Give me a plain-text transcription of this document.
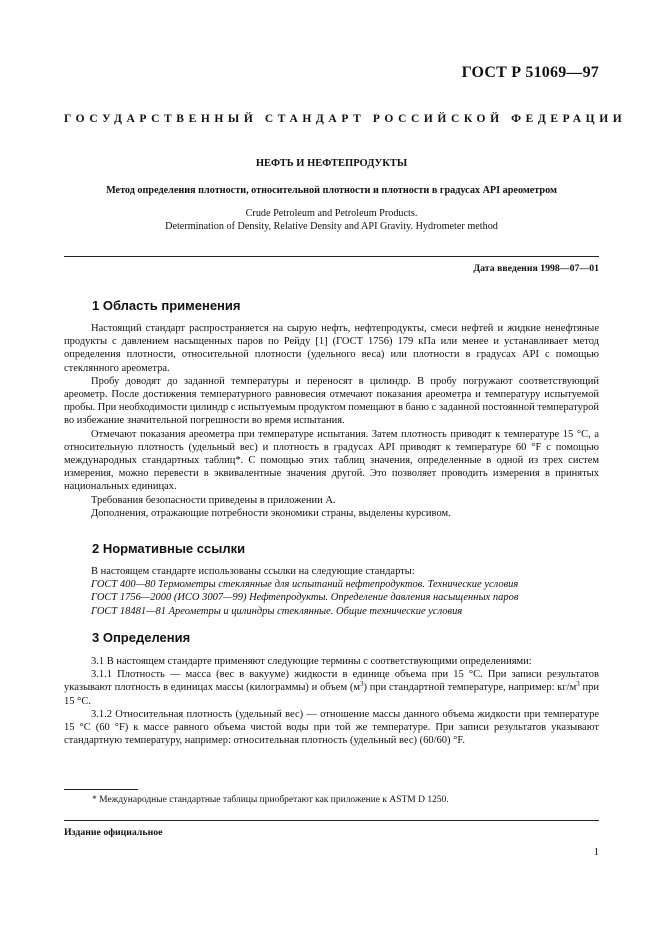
ГОСТ Р 51069—97
ГОСУДАРСТВЕННЫЙ СТАНДАРТ РОССИЙСКОЙ ФЕДЕРАЦИИ
НЕФТЬ И НЕФТЕПРОДУКТЫ
Метод определения плотности, относительной плотности и плотности в градусах API ареометром
Crude Petroleum and Petroleum Products.
Determination of Density, Relative Density and API Gravity. Hydrometer method
Дата введения 1998—07—01
1 Область применения

Настоящий стандарт распространяется на сырую нефть, нефтепродукты, смеси нефтей и жидкие ненефтяные продукты с давлением насыщенных паров по Рейду [1] (ГОСТ 1756) 179 кПа или менее и устанавливает метод определения плотности, относительной плотности (удельного веса) или плотности в градусах API с помощью стеклянного ареометра.

Пробу доводят до заданной температуры и переносят в цилиндр. В пробу погружают соответствующий ареометр. После достижения температурного равновесия отмечают показания ареометра и температуру испытуемой пробы. При необходимости цилиндр с испытуемым продуктом помещают в баню с заданной постоянной температурой во избежание значительной погрешности во время испытания.

Отмечают показания ареометра при температуре испытания. Затем плотность приводят к температуре 15 °С, а относительную плотность (удельный вес) и плотность в градусах API приводят к температуре 60 °F с помощью международных стандартных таблиц*. С помощью этих таблиц значения, определенные в одной из трех систем измерения, можно перевести в эквивалентные значения другой. Это позволяет проводить измерения в принятых национальных единицах.

Требования безопасности приведены в приложении А.

Дополнения, отражающие потребности экономики страны, выделены курсивом.

2 Нормативные ссылки

В настоящем стандарте использованы ссылки на следующие стандарты:

ГОСТ 400—80 Термометры стеклянные для испытаний нефтепродуктов. Технические условия

ГОСТ 1756—2000 (ИСО 3007—99) Нефтепродукты. Определение давления насыщенных паров

ГОСТ 18481—81 Ареометры и цилиндры стеклянные. Общие технические условия

3 Определения

3.1 В настоящем стандарте применяют следующие термины с соответствующими определениями:

3.1.1 Плотность — масса (вес в вакууме) жидкости в единице объема при 15 °С. При записи результатов указывают плотность в единицах массы (килограммы) и объем $(м^3)$ при стандартной температуре, например: $кг/м^3$ при 15 °С.

3.1.2 Относительная плотность (удельный вес) — отношение массы данного объема жидкости при температуре 15 °С (60 °F) к массе равного объема чистой воды при той же температуре. При записи результатов указывают стандартную температуру, например: относительная плотность (удельный вес) (60/60) °F.

* Международные стандартные таблицы приобретают как приложение к ASTM D 1250.
Издание официальное
1
